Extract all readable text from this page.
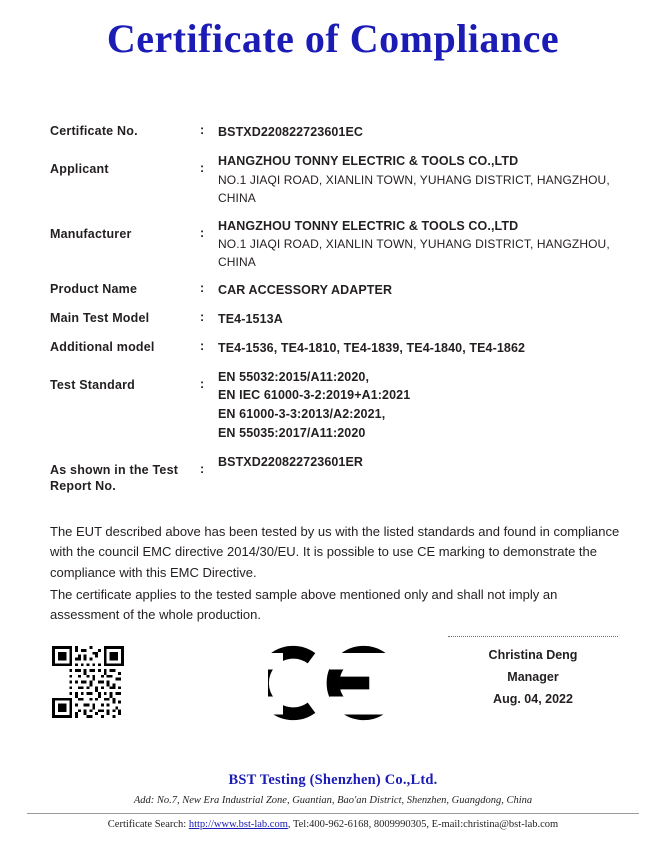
Certificate of Compliance
Certificate No.	:	BSTXD220822723601EC
Applicant	:	HANGZHOU TONNY ELECTRIC & TOOLS CO.,LTD
NO.1 JIAQI ROAD, XIANLIN TOWN, YUHANG DISTRICT, HANGZHOU, CHINA

Manufacturer	:	HANGZHOU TONNY ELECTRIC & TOOLS CO.,LTD
NO.1 JIAQI ROAD, XIANLIN TOWN, YUHANG DISTRICT, HANGZHOU, CHINA

Product Name	:	CAR ACCESSORY ADAPTER
Main Test Model	:	TE4-1513A
Additional model	:	TE4-1536, TE4-1810, TE4-1839, TE4-1840, TE4-1862
Test Standard	:	EN 55032:2015/A11:2020,
EN IEC 61000-3-2:2019+A1:2021
EN 61000-3-3:2013/A2:2021,
EN 55035:2017/A11:2020

As shown in the Test Report No.	:	BSTXD220822723601ER

The EUT described above has been tested by us with the listed standards and found in compliance with the council EMC directive 2014/30/EU. It is possible to use CE marking to demonstrate the compliance with this EMC Directive.

The certificate applies to the tested sample above mentioned only and shall not imply an assessment of the whole production.

Christina Deng
Manager
Aug. 04, 2022
BST Testing (Shenzhen) Co.,Ltd.
Add: No.7, New Era Industrial Zone, Guantian, Bao'an District, Shenzhen, Guangdong, China
Certificate Search: http://www.bst-lab.com, Tel:400-962-6168, 8009990305, E-mail:christina@bst-lab.com
